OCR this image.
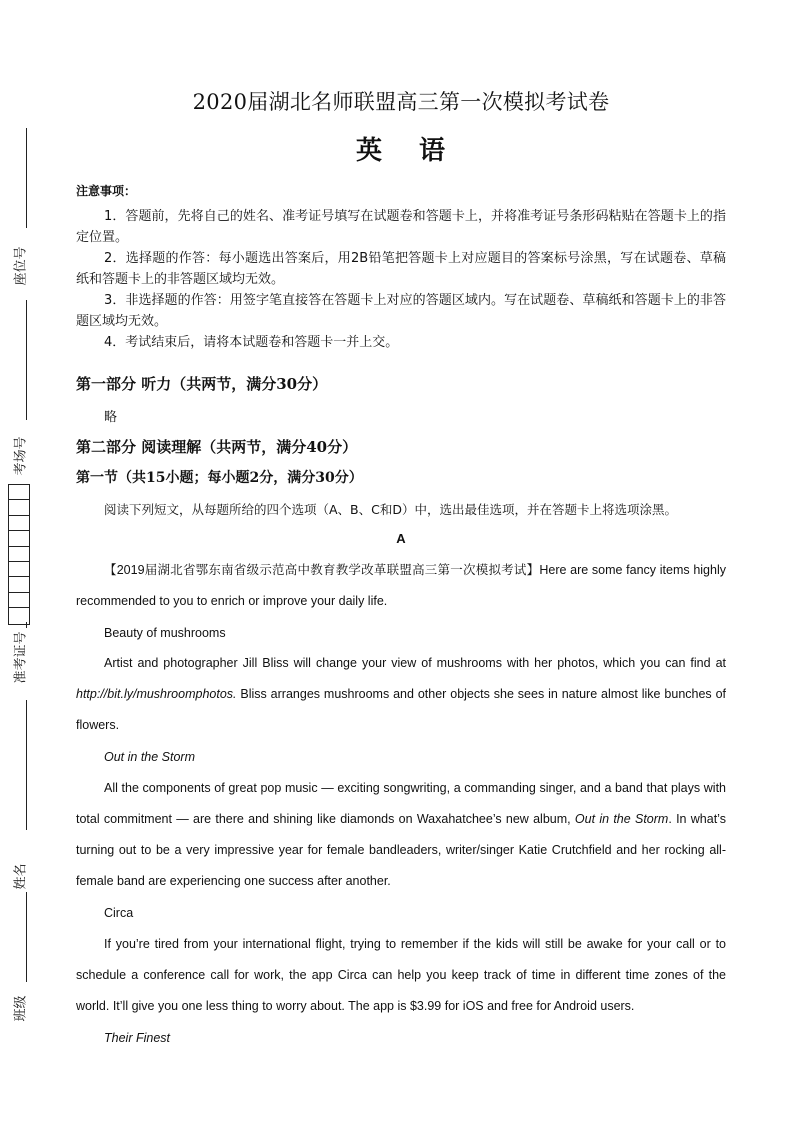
座位号
考场号
准考证号
姓名
班级
2020届湖北名师联盟高三第一次模拟考试卷
英 语
注意事项：

1．答题前，先将自己的姓名、准考证号填写在试题卷和答题卡上，并将准考证号条形码粘贴在答题卡上的指定位置。

2．选择题的作答：每小题选出答案后，用2B铅笔把答题卡上对应题目的答案标号涂黑，写在试题卷、草稿纸和答题卡上的非答题区域均无效。

3．非选择题的作答：用签字笔直接答在答题卡上对应的答题区域内。写在试题卷、草稿纸和答题卡上的非答题区域均无效。

4．考试结束后，请将本试题卷和答题卡一并上交。

第一部分 听力（共两节，满分30分）
略
第二部分 阅读理解（共两节，满分40分）
第一节（共15小题；每小题2分，满分30分）
阅读下列短文，从每题所给的四个选项（A、B、C和D）中，选出最佳选项，并在答题卡上将选项涂黑。
A
【2019届湖北省鄂东南省级示范高中教育教学改革联盟高三第一次模拟考试】Here are some fancy items highly recommended to you to enrich or improve your daily life.
Beauty of mushrooms
Artist and photographer Jill Bliss will change your view of mushrooms with her photos, which you can find at http://bit.ly/mushroomphotos. Bliss arranges mushrooms and other objects she sees in nature almost like bunches of flowers.
Out in the Storm
All the components of great pop music — exciting songwriting, a commanding singer, and a band that plays with total commitment — are there and shining like diamonds on Waxahatchee’s new album, Out in the Storm. In what’s turning out to be a very impressive year for female bandleaders, writer/singer Katie Crutchfield and her rocking all-female band are experiencing one success after another.
Circa
If you’re tired from your international flight, trying to remember if the kids will still be awake for your call or to schedule a conference call for work, the app Circa can help you keep track of time in different time zones of the world. It’ll give you one less thing to worry about. The app is $3.99 for iOS and free for Android users.
Their Finest
